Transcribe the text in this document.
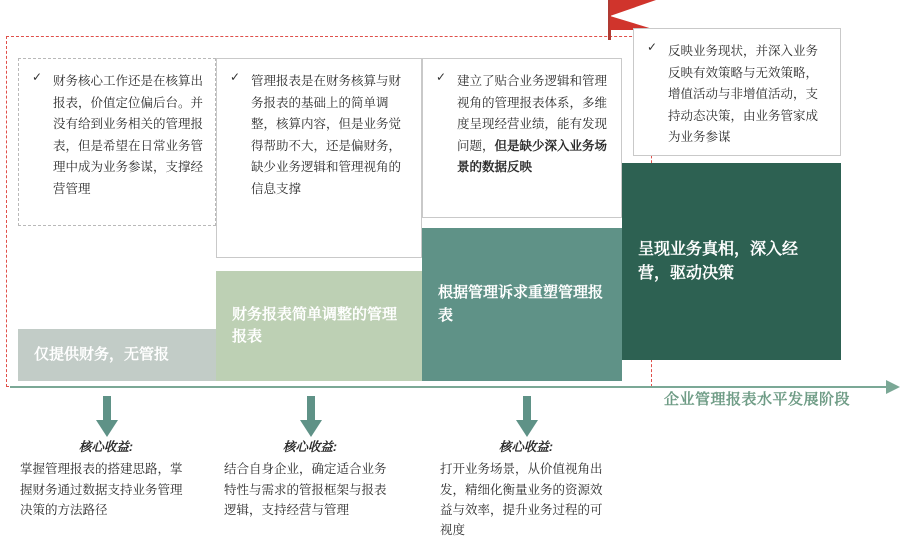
✓ 财务核心工作还是在核算出报表，价值定位偏后台。并没有给到业务相关的管理报表，但是希望在日常业务管理中成为业务参谋，支撑经营管理
✓ 管理报表是在财务核算与财务报表的基础上的简单调整，核算内容，但是业务觉得帮助不大，还是偏财务，缺少业务逻辑和管理视角的信息支撑
✓ 建立了贴合业务逻辑和管理视角的管理报表体系，多维度呈现经营业绩，能有发现问题，但是缺少深入业务场景的数据反映
✓ 反映业务现状，并深入业务反映有效策略与无效策略，增值活动与非增值活动，支持动态决策，由业务管家成为业务参谋
仅提供财务，无管报
财务报表简单调整的管理报表
根据管理诉求重塑管理报表
呈现业务真相，深入经营，驱动决策
企业管理报表水平发展阶段
核心收益:
掌握管理报表的搭建思路，掌握财务通过数据支持业务管理决策的方法路径
核心收益:
结合自身企业，确定适合业务特性与需求的管报框架与报表逻辑，支持经营与管理
核心收益:
打开业务场景，从价值视角出发，精细化衡量业务的资源效益与效率，提升业务过程的可视度
